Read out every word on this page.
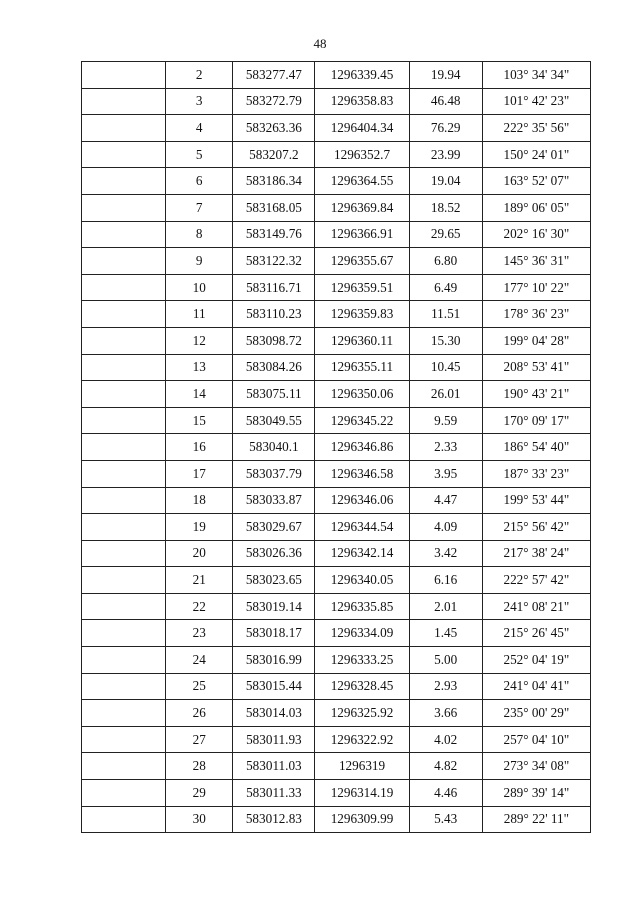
48
	2	583277.47	1296339.45	19.94	103° 34' 34"
	3	583272.79	1296358.83	46.48	101° 42' 23"
	4	583263.36	1296404.34	76.29	222° 35' 56"
	5	583207.2	1296352.7	23.99	150° 24' 01"
	6	583186.34	1296364.55	19.04	163° 52' 07"
	7	583168.05	1296369.84	18.52	189° 06' 05"
	8	583149.76	1296366.91	29.65	202° 16' 30"
	9	583122.32	1296355.67	6.80	145° 36' 31"
	10	583116.71	1296359.51	6.49	177° 10' 22"
	11	583110.23	1296359.83	11.51	178° 36' 23"
	12	583098.72	1296360.11	15.30	199° 04' 28"
	13	583084.26	1296355.11	10.45	208° 53' 41"
	14	583075.11	1296350.06	26.01	190° 43' 21"
	15	583049.55	1296345.22	9.59	170° 09' 17"
	16	583040.1	1296346.86	2.33	186° 54' 40"
	17	583037.79	1296346.58	3.95	187° 33' 23"
	18	583033.87	1296346.06	4.47	199° 53' 44"
	19	583029.67	1296344.54	4.09	215° 56' 42"
	20	583026.36	1296342.14	3.42	217° 38' 24"
	21	583023.65	1296340.05	6.16	222° 57' 42"
	22	583019.14	1296335.85	2.01	241° 08' 21"
	23	583018.17	1296334.09	1.45	215° 26' 45"
	24	583016.99	1296333.25	5.00	252° 04' 19"
	25	583015.44	1296328.45	2.93	241° 04' 41"
	26	583014.03	1296325.92	3.66	235° 00' 29"
	27	583011.93	1296322.92	4.02	257° 04' 10"
	28	583011.03	1296319	4.82	273° 34' 08"
	29	583011.33	1296314.19	4.46	289° 39' 14"
	30	583012.83	1296309.99	5.43	289° 22' 11"
